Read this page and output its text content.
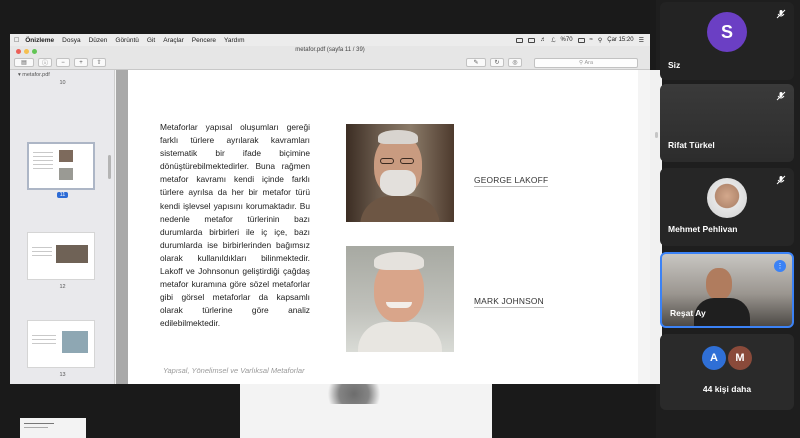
Önizleme Dosya Düzen Görüntü Git Araçlar Pencere Yardım	♬ ℒ %70	≈ ⚲ Çar 15:20 ☰
metafor.pdf (sayfa 11 / 39)
▤	ⓘ	−	+	⇧	✎	↻	◎	⚲ Ara
▾ metafor.pdf
10
11
12
13

Metaforlar yapısal oluşumları gereği farklı türlere ayrılarak kavramları sistematik bir ifade biçimine dönüştürebilmektedirler. Buna rağmen metafor kavramı kendi içinde farklı türlere ayrılsa da her bir metafor türü kendi işlevsel yapısını korumaktadır. Bu nedenle metafor türlerinin bazı durumlarda birbirleri ile iç içe, bazı durumlarda ise birbirlerinden bağımsız olarak kullanıldıkları bilinmektedir. Lakoff ve Johnsonun geliştirdiği çağdaş metafor kuramına göre sözel metaforlar gibi görsel metaforlar da kapsamlı olarak türlerine göre analiz edilebilmektedir.

Yapısal, Yönelimsel ve Varlıksal Metaforlar
GEORGE LAKOFF
MARK JOHNSON
S
Siz
Rifat Türkel
Mehmet Pehlivan
⋮
Reşat Ay
A	M
44 kişi daha
